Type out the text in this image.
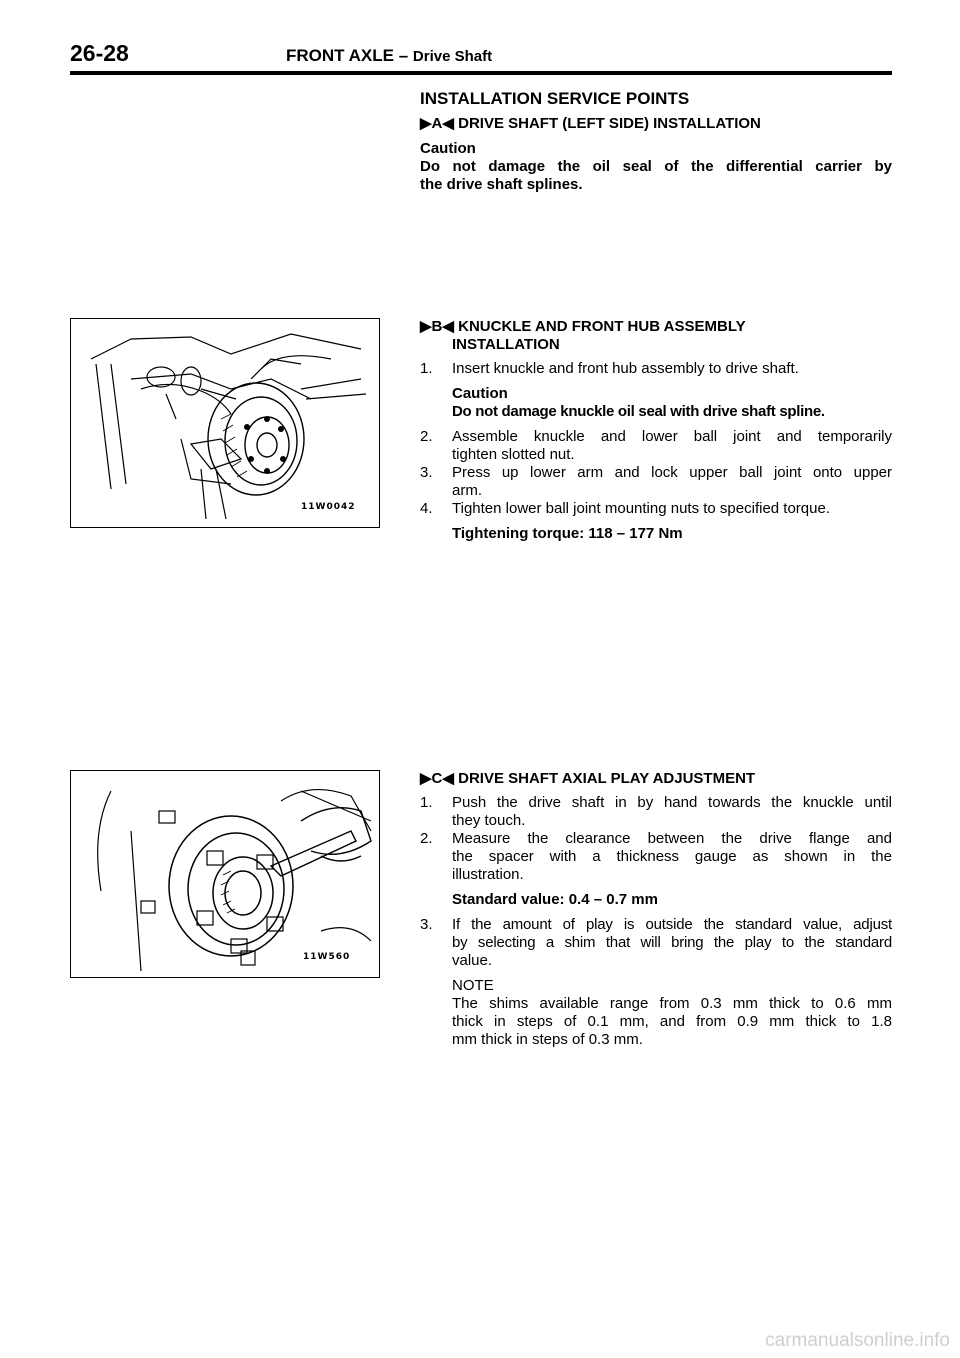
26-28	FRONT AXLE – Drive Shaft
INSTALLATION SERVICE POINTS
▶A◀ DRIVE SHAFT (LEFT SIDE) INSTALLATION
Caution
Do not damage the oil seal of the differential carrier by
the drive shaft splines.
11W0042
▶B◀ KNUCKLE AND FRONT HUB ASSEMBLY
INSTALLATION
1. Insert knuckle and front hub assembly to drive shaft.
Caution
Do not damage knuckle oil seal with drive shaft spline.
2. Assemble knuckle and lower ball joint and temporarily
tighten slotted nut.
3. Press up lower arm and lock upper ball joint onto upper
arm.
4. Tighten lower ball joint mounting nuts to specified torque.
Tightening torque: 118 – 177 Nm
11W560
▶C◀ DRIVE SHAFT AXIAL PLAY ADJUSTMENT
1. Push the drive shaft in by hand towards the knuckle until
they touch.
2. Measure the clearance between the drive flange and
the spacer with a thickness gauge as shown in the
illustration.
Standard value: 0.4 – 0.7 mm
3. If the amount of play is outside the standard value, adjust
by selecting a shim that will bring the play to the standard
value.
NOTE
The shims available range from 0.3 mm thick to 0.6 mm
thick in steps of 0.1 mm, and from 0.9 mm thick to 1.8
mm thick in steps of 0.3 mm.
carmanualsonline.info
